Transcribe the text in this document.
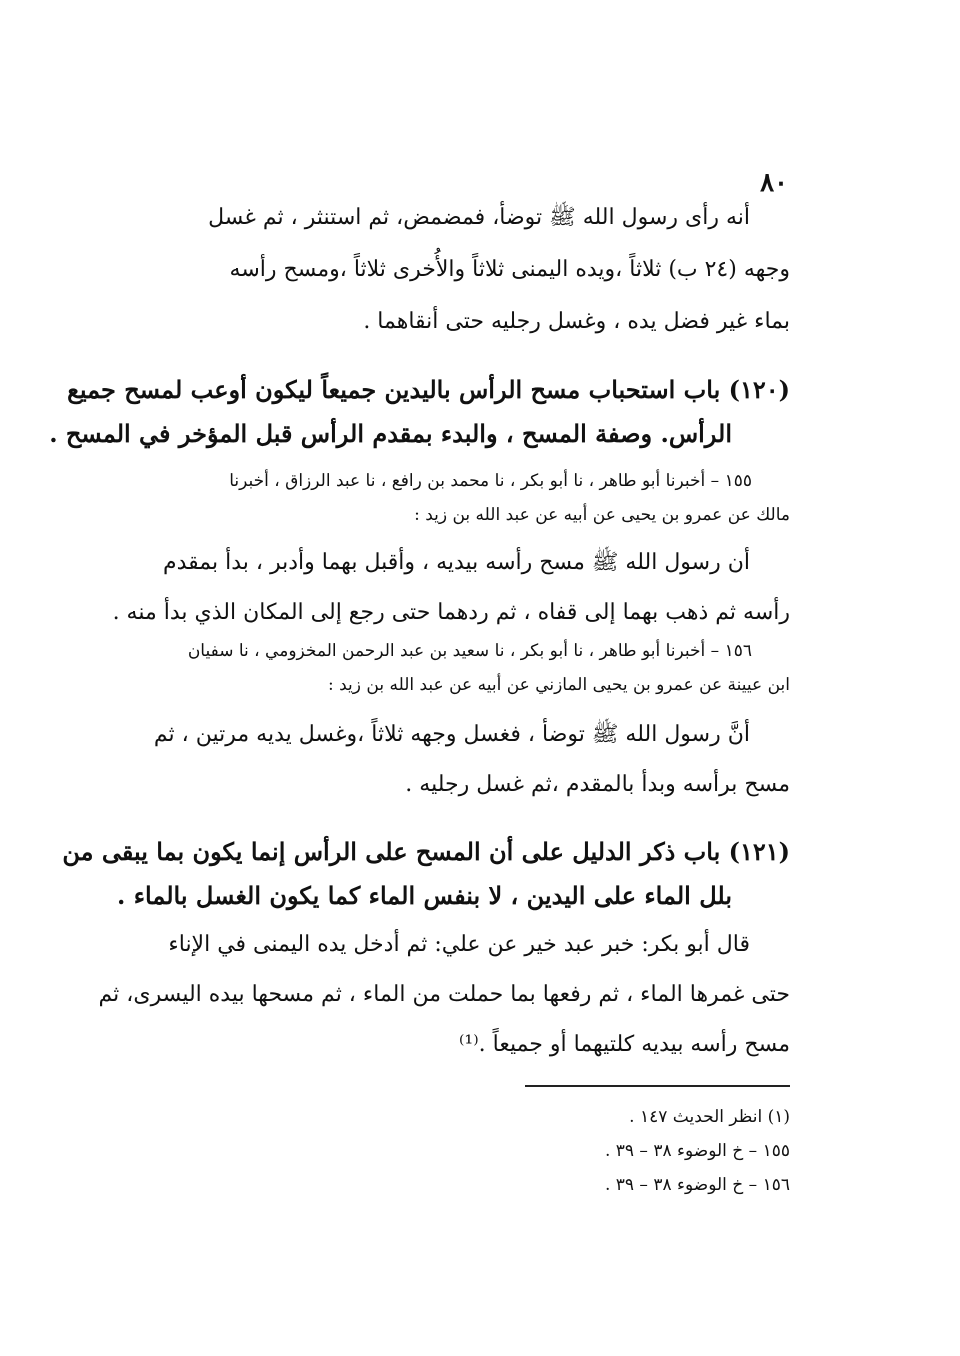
٨٠
أنه رأى رسول الله ﷺ توضأ، فمضمض، ثم استنثر ، ثم غسل
وجهه (٢٤ ب) ثلاثاً ،ويده اليمنى ثلاثاً والأُخرى ثلاثاً ،ومسح رأسه
بماء غير فضل يده ، وغسل رجليه حتى أنقاهما .
(١٢٠) باب استحباب مسح الرأس باليدين جميعاً ليكون أوعب لمسح جميع
الرأس. وصفة المسح ، والبدء بمقدم الرأس قبل المؤخر في المسح .
١٥٥ – أخبرنا أبو طاهر ، نا أبو بكر ، نا محمد بن رافع ، نا عبد الرزاق ، أخبرنا
مالك عن عمرو بن يحيى عن أبيه عن عبد الله بن زيد :
أن رسول الله ﷺ مسح رأسه بيديه ، وأقبل بهما وأدبر ، بدأ بمقدم
رأسه ثم ذهب بهما إلى قفاه ، ثم ردهما حتى رجع إلى المكان الذي بدأ منه .
١٥٦ – أخبرنا أبو طاهر ، نا أبو بكر ، نا سعيد بن عبد الرحمن المخزومي ، نا سفيان
ابن عيينة عن عمرو بن يحيى المازني عن أبيه عن عبد الله بن زيد :
أنَّ رسول الله ﷺ توضأ ، فغسل وجهه ثلاثاً ،وغسل يديه مرتين ، ثم
مسح برأسه وبدأ بالمقدم ،ثم غسل رجليه .
(١٢١) باب ذكر الدليل على أن المسح على الرأس إنما يكون بما يبقى من
بلل الماء على اليدين ، لا بنفس الماء كما يكون الغسل بالماء .
قال أبو بكر: خبر عبد خير عن علي: ثم أدخل يده اليمنى في الإناء
حتى غمرها الماء ، ثم رفعها بما حملت من الماء ، ثم مسحها بيده اليسرى، ثم
مسح رأسه بيديه كلتيهما أو جميعاً .⁽¹⁾
(١) انظر الحديث ١٤٧ .
١٥٥ – خ الوضوء ٣٨ – ٣٩ .
١٥٦ – خ الوضوء ٣٨ – ٣٩ .
